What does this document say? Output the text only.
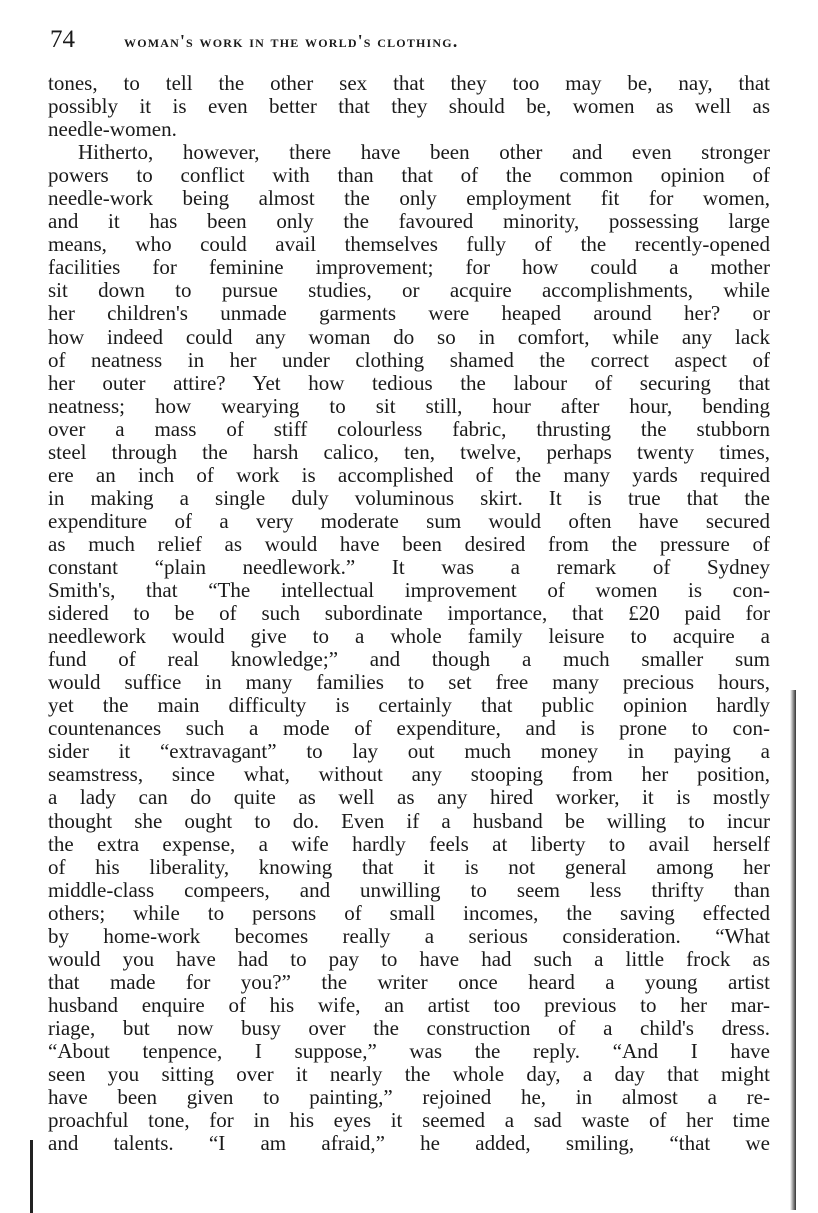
74	woman's work in the world's clothing.
tones, to tell the other sex that they too may be, nay, that
possibly it is even better that they should be, women as well as
needle-women.
Hitherto, however, there have been other and even stronger
powers to conflict with than that of the common opinion of
needle-work being almost the only employment fit for women,
and it has been only the favoured minority, possessing large
means, who could avail themselves fully of the recently-opened
facilities for feminine improvement; for how could a mother
sit down to pursue studies, or acquire accomplishments, while
her children's unmade garments were heaped around her? or
how indeed could any woman do so in comfort, while any lack
of neatness in her under clothing shamed the correct aspect of
her outer attire? Yet how tedious the labour of securing that
neatness; how wearying to sit still, hour after hour, bending
over a mass of stiff colourless fabric, thrusting the stubborn
steel through the harsh calico, ten, twelve, perhaps twenty times,
ere an inch of work is accomplished of the many yards required
in making a single duly voluminous skirt. It is true that the
expenditure of a very moderate sum would often have secured
as much relief as would have been desired from the pressure of
constant “plain needlework.” It was a remark of Sydney
Smith's, that “The intellectual improvement of women is con-
sidered to be of such subordinate importance, that £20 paid for
needlework would give to a whole family leisure to acquire a
fund of real knowledge;” and though a much smaller sum
would suffice in many families to set free many precious hours,
yet the main difficulty is certainly that public opinion hardly
countenances such a mode of expenditure, and is prone to con-
sider it “extravagant” to lay out much money in paying a
seamstress, since what, without any stooping from her position,
a lady can do quite as well as any hired worker, it is mostly
thought she ought to do. Even if a husband be willing to incur
the extra expense, a wife hardly feels at liberty to avail herself
of his liberality, knowing that it is not general among her
middle-class compeers, and unwilling to seem less thrifty than
others; while to persons of small incomes, the saving effected
by home-work becomes really a serious consideration. “What
would you have had to pay to have had such a little frock as
that made for you?” the writer once heard a young artist
husband enquire of his wife, an artist too previous to her mar-
riage, but now busy over the construction of a child's dress.
“About tenpence, I suppose,” was the reply. “And I have
seen you sitting over it nearly the whole day, a day that might
have been given to painting,” rejoined he, in almost a re-
proachful tone, for in his eyes it seemed a sad waste of her time
and talents. “I am afraid,” he added, smiling, “that we
